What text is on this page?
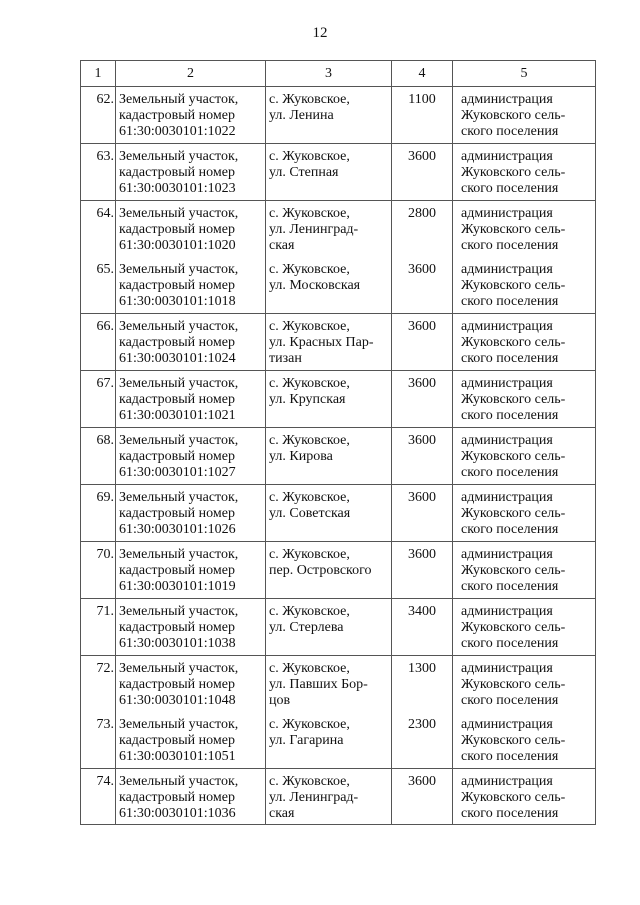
12
1	2	3	4	5
62.	Земельный участок,
кадастровый номер
61:30:0030101:1022	с. Жуковское,
ул. Ленина	1100	администрация
Жуковского сель-
ского поселения
63.	Земельный участок,
кадастровый номер
61:30:0030101:1023	с. Жуковское,
ул. Степная	3600	администрация
Жуковского сель-
ского поселения
64.	Земельный участок,
кадастровый номер
61:30:0030101:1020	с. Жуковское,
ул. Ленинград-
ская	2800	администрация
Жуковского сель-
ского поселения
65.	Земельный участок,
кадастровый номер
61:30:0030101:1018	с. Жуковское,
ул. Московская	3600	администрация
Жуковского сель-
ского поселения
66.	Земельный участок,
кадастровый номер
61:30:0030101:1024	с. Жуковское,
ул. Красных Пар-
тизан	3600	администрация
Жуковского сель-
ского поселения
67.	Земельный участок,
кадастровый номер
61:30:0030101:1021	с. Жуковское,
ул. Крупская	3600	администрация
Жуковского сель-
ского поселения
68.	Земельный участок,
кадастровый номер
61:30:0030101:1027	с. Жуковское,
ул. Кирова	3600	администрация
Жуковского сель-
ского поселения
69.	Земельный участок,
кадастровый номер
61:30:0030101:1026	с. Жуковское,
ул. Советская	3600	администрация
Жуковского сель-
ского поселения
70.	Земельный участок,
кадастровый номер
61:30:0030101:1019	с. Жуковское,
пер. Островского	3600	администрация
Жуковского сель-
ского поселения
71.	Земельный участок,
кадастровый номер
61:30:0030101:1038	с. Жуковское,
ул. Стерлева	3400	администрация
Жуковского сель-
ского поселения
72.	Земельный участок,
кадастровый номер
61:30:0030101:1048	с. Жуковское,
ул. Павших Бор-
цов	1300	администрация
Жуковского сель-
ского поселения
73.	Земельный участок,
кадастровый номер
61:30:0030101:1051	с. Жуковское,
ул. Гагарина	2300	администрация
Жуковского сель-
ского поселения
74.	Земельный участок,
кадастровый номер
61:30:0030101:1036	с. Жуковское,
ул. Ленинград-
ская	3600	администрация
Жуковского сель-
ского поселения
